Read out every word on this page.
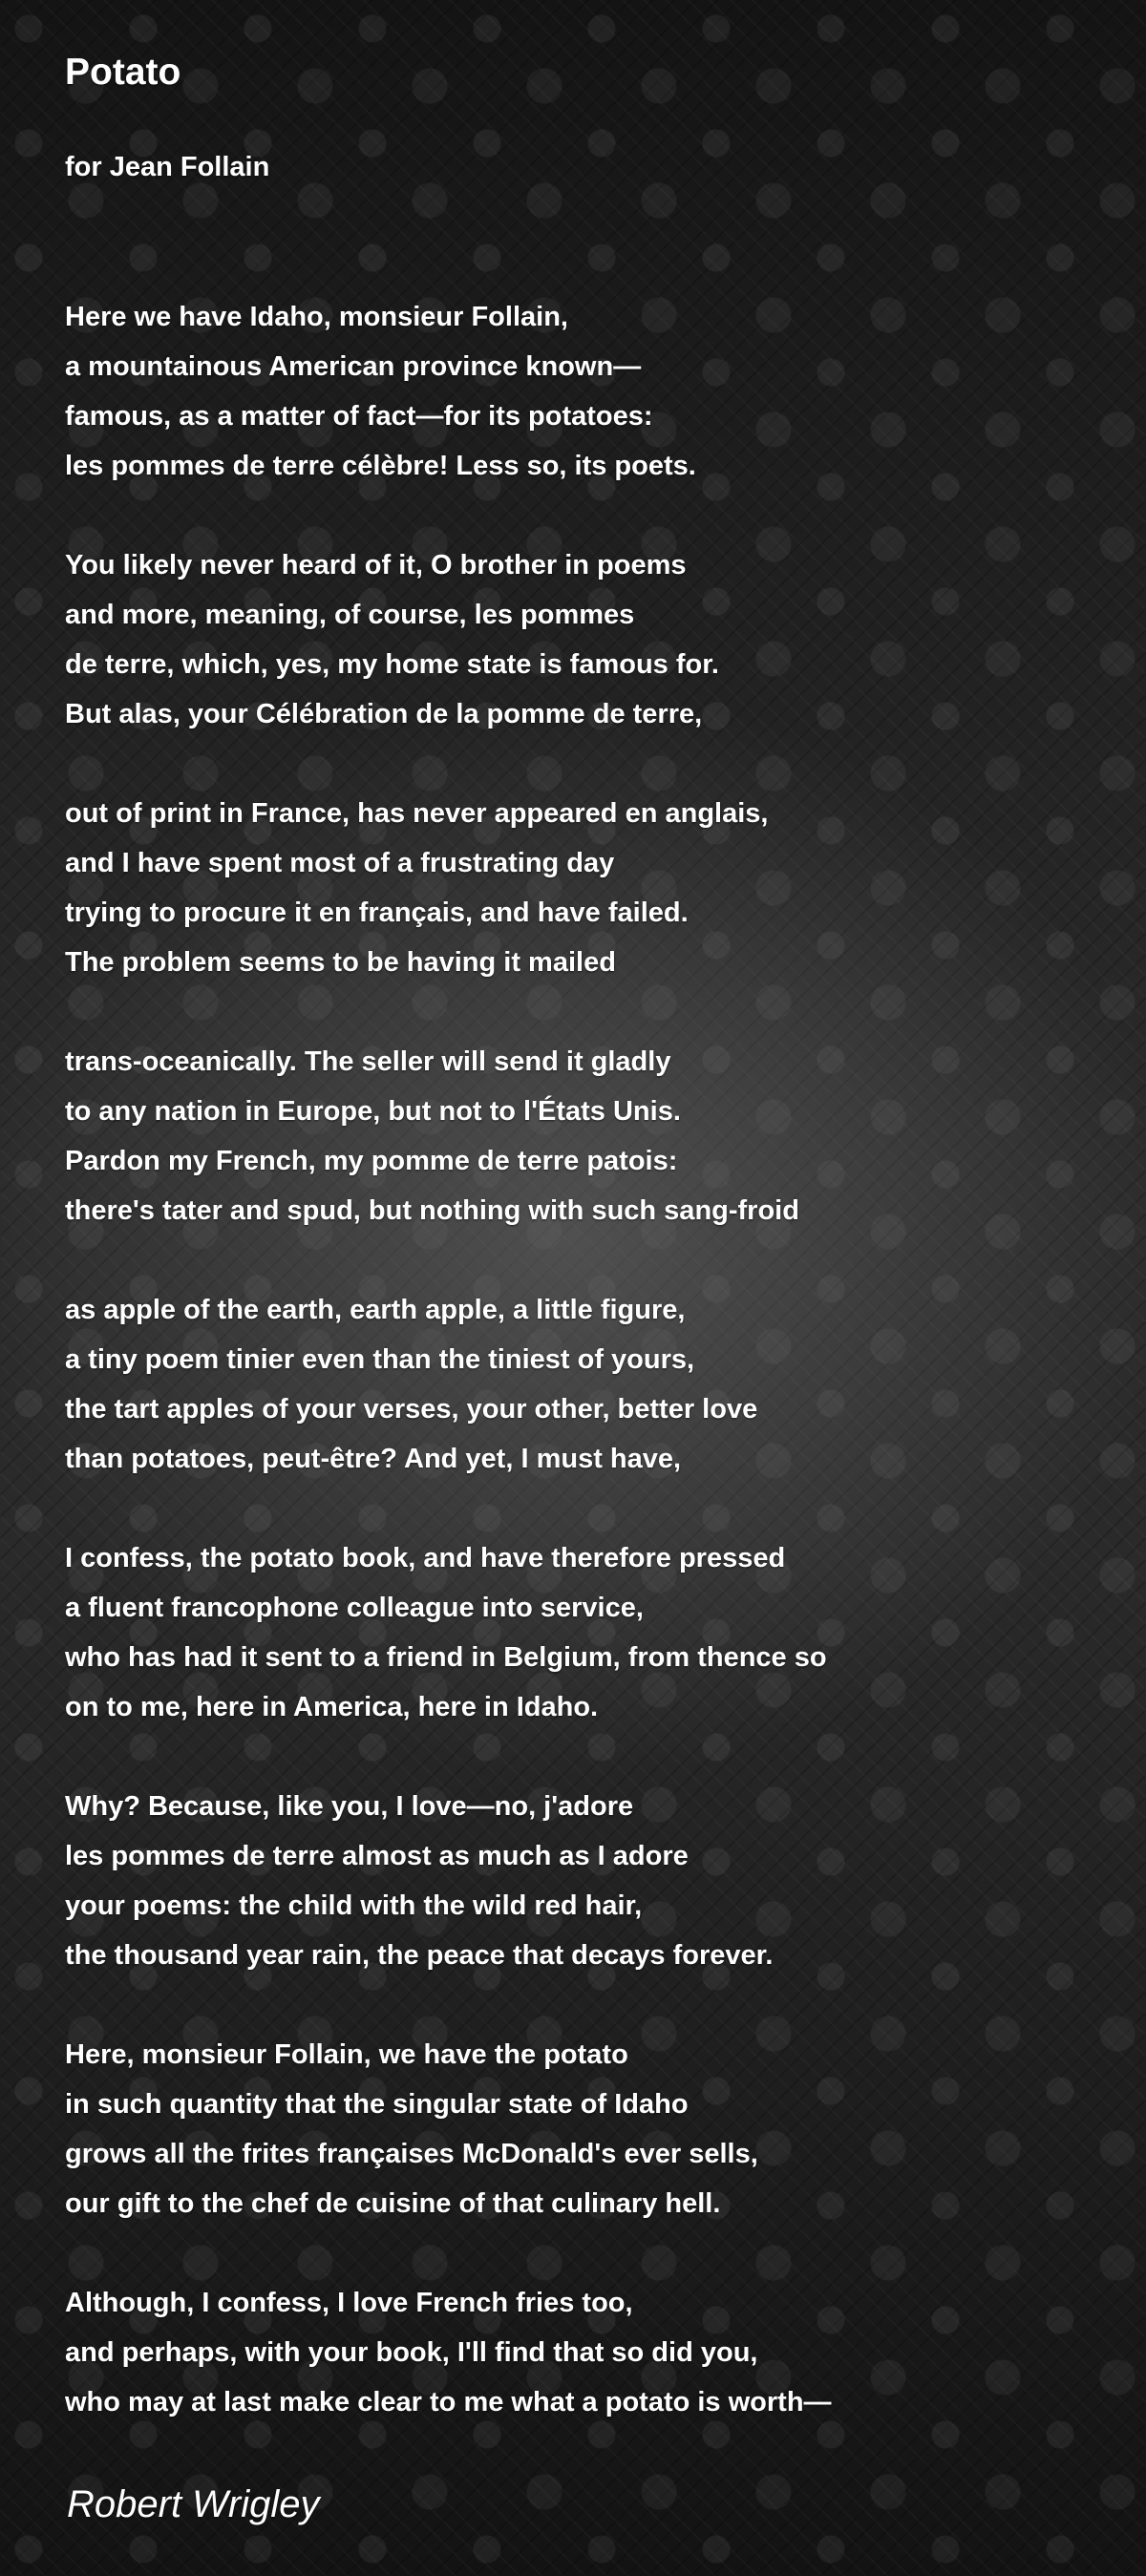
Potato

for Jean Follain

Here we have Idaho, monsieur Follain,
a mountainous American province known—
famous, as a matter of fact—for its potatoes:
les pommes de terre célèbre! Less so, its poets.
You likely never heard of it, O brother in poems
and more, meaning, of course, les pommes
de terre, which, yes, my home state is famous for.
But alas, your Célébration de la pomme de terre,
out of print in France, has never appeared en anglais,
and I have spent most of a frustrating day
trying to procure it en français, and have failed.
The problem seems to be having it mailed
trans-oceanically. The seller will send it gladly
to any nation in Europe, but not to l'États Unis.
Pardon my French, my pomme de terre patois:
there's tater and spud, but nothing with such sang-froid
as apple of the earth, earth apple, a little figure,
a tiny poem tinier even than the tiniest of yours,
the tart apples of your verses, your other, better love
than potatoes, peut-être? And yet, I must have,
I confess, the potato book, and have therefore pressed
a fluent francophone colleague into service,
who has had it sent to a friend in Belgium, from thence so
on to me, here in America, here in Idaho.
Why? Because, like you, I love—no, j'adore
les pommes de terre almost as much as I adore
your poems: the child with the wild red hair,
the thousand year rain, the peace that decays forever.
Here, monsieur Follain, we have the potato
in such quantity that the singular state of Idaho
grows all the frites françaises McDonald's ever sells,
our gift to the chef de cuisine of that culinary hell.
Although, I confess, I love French fries too,
and perhaps, with your book, I'll find that so did you,
who may at last make clear to me what a potato is worth—

Robert Wrigley
